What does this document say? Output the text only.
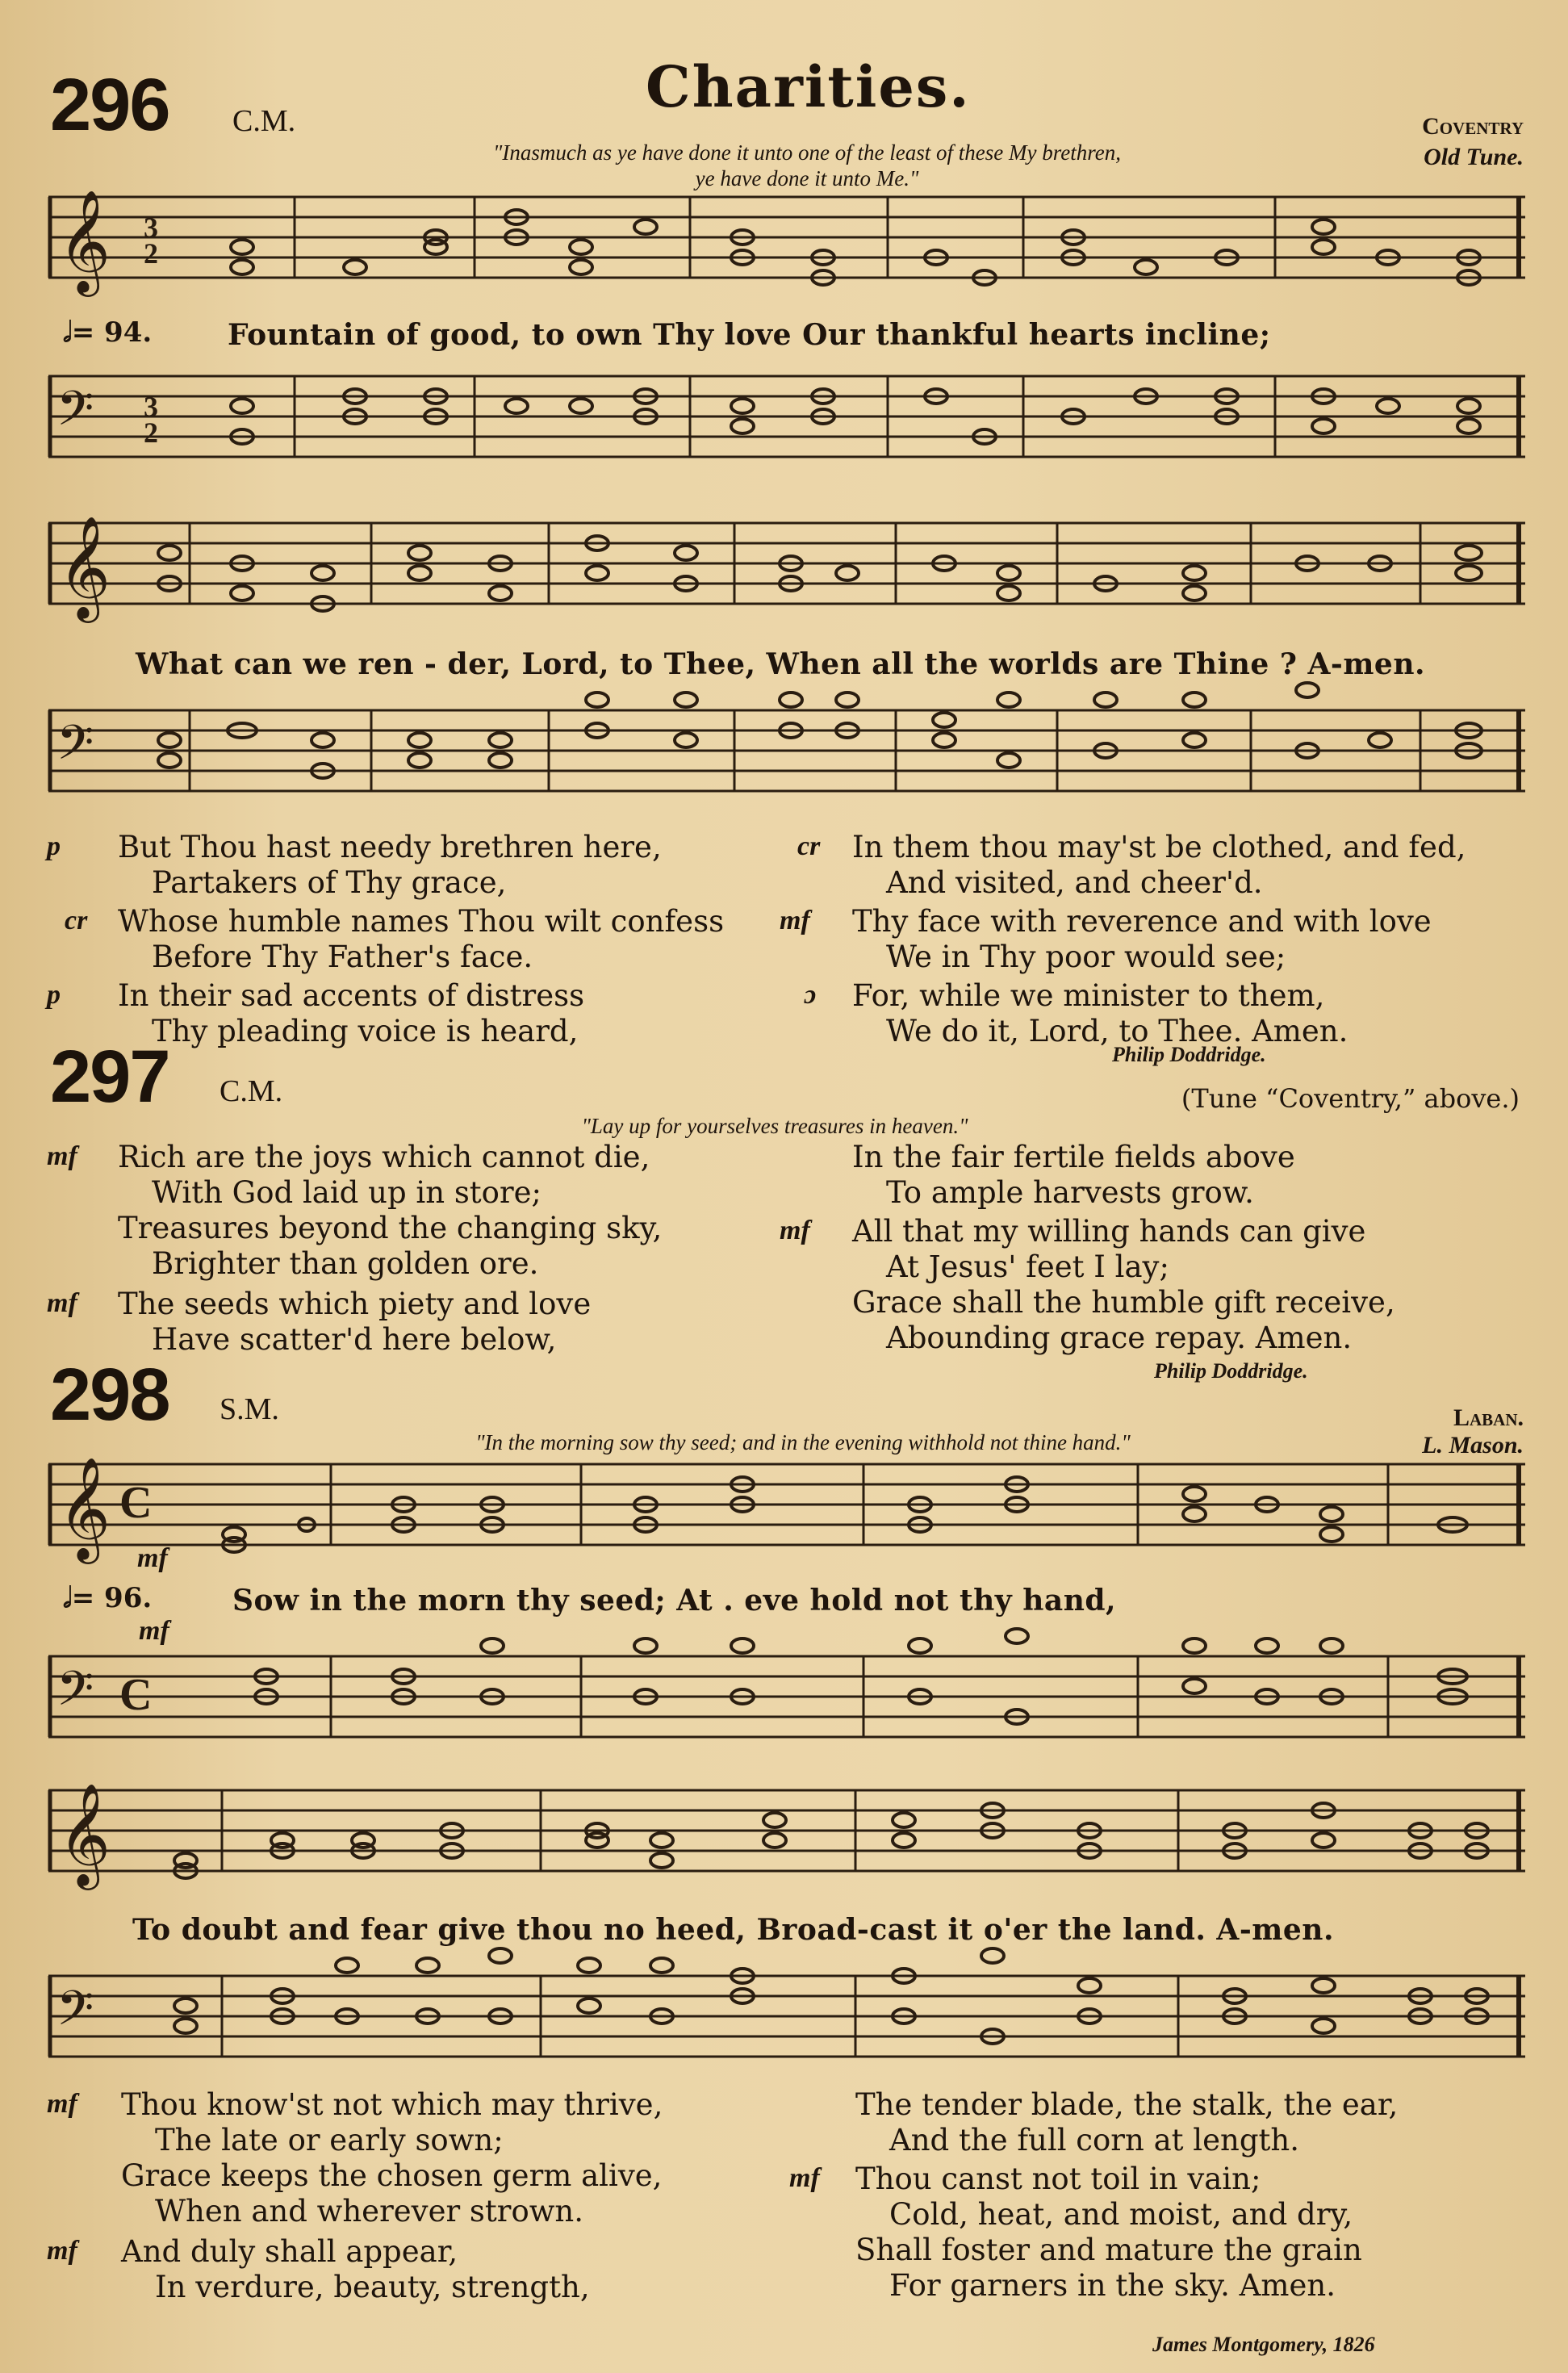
296 C.M.
Charities.
Coventry
Old Tune.
"Inasmuch as ye have done it unto one of the least of these My brethren,
ye have done it unto Me."
𝄞 3
2
𝅗𝅥= 94.	Fountain of good, to own Thy love Our thankful hearts incline;
𝄢 3
2
𝄞
What can we ren - der, Lord, to Thee, When all the worlds are Thine ? A-men.
𝄢
p But Thou hast needy brethren here,
Partakers of Thy grace,
cr Whose humble names Thou wilt confess
Before Thy Father's face.
p In their sad accents of distress
Thy pleading voice is heard,
cr In them thou may'st be clothed, and fed,
And visited, and cheer'd.
mf Thy face with reverence and with love
We in Thy poor would see;
ɔ For, while we minister to them,
We do it, Lord, to Thee. Amen.
Philip Doddridge.
297 C.M.	(Tune “Coventry,” above.)
"Lay up for yourselves treasures in heaven."
mf Rich are the joys which cannot die,
With God laid up in store;
Treasures beyond the changing sky,
Brighter than golden ore.
mf The seeds which piety and love
Have scatter'd here below,
In the fair fertile fields above
To ample harvests grow.
mf All that my willing hands can give
At Jesus' feet I lay;
Grace shall the humble gift receive,
Abounding grace repay. Amen.
Philip Doddridge.
298 S.M.	Laban.
L. Mason.
"In the morning sow thy seed; and in the evening withhold not thine hand."
𝄞 C
mf
𝅗𝅥= 96.	Sow in the morn thy seed; At . eve hold not thy hand,
mf
𝄢 C
𝄞
To doubt and fear give thou no heed, Broad-cast it o'er the land. A-men.
𝄢
mf Thou know'st not which may thrive,
The late or early sown;
Grace keeps the chosen germ alive,
When and wherever strown.
mf And duly shall appear,
In verdure, beauty, strength,
The tender blade, the stalk, the ear,
And the full corn at length.
mf Thou canst not toil in vain;
Cold, heat, and moist, and dry,
Shall foster and mature the grain
For garners in the sky. Amen.
James Montgomery, 1826
